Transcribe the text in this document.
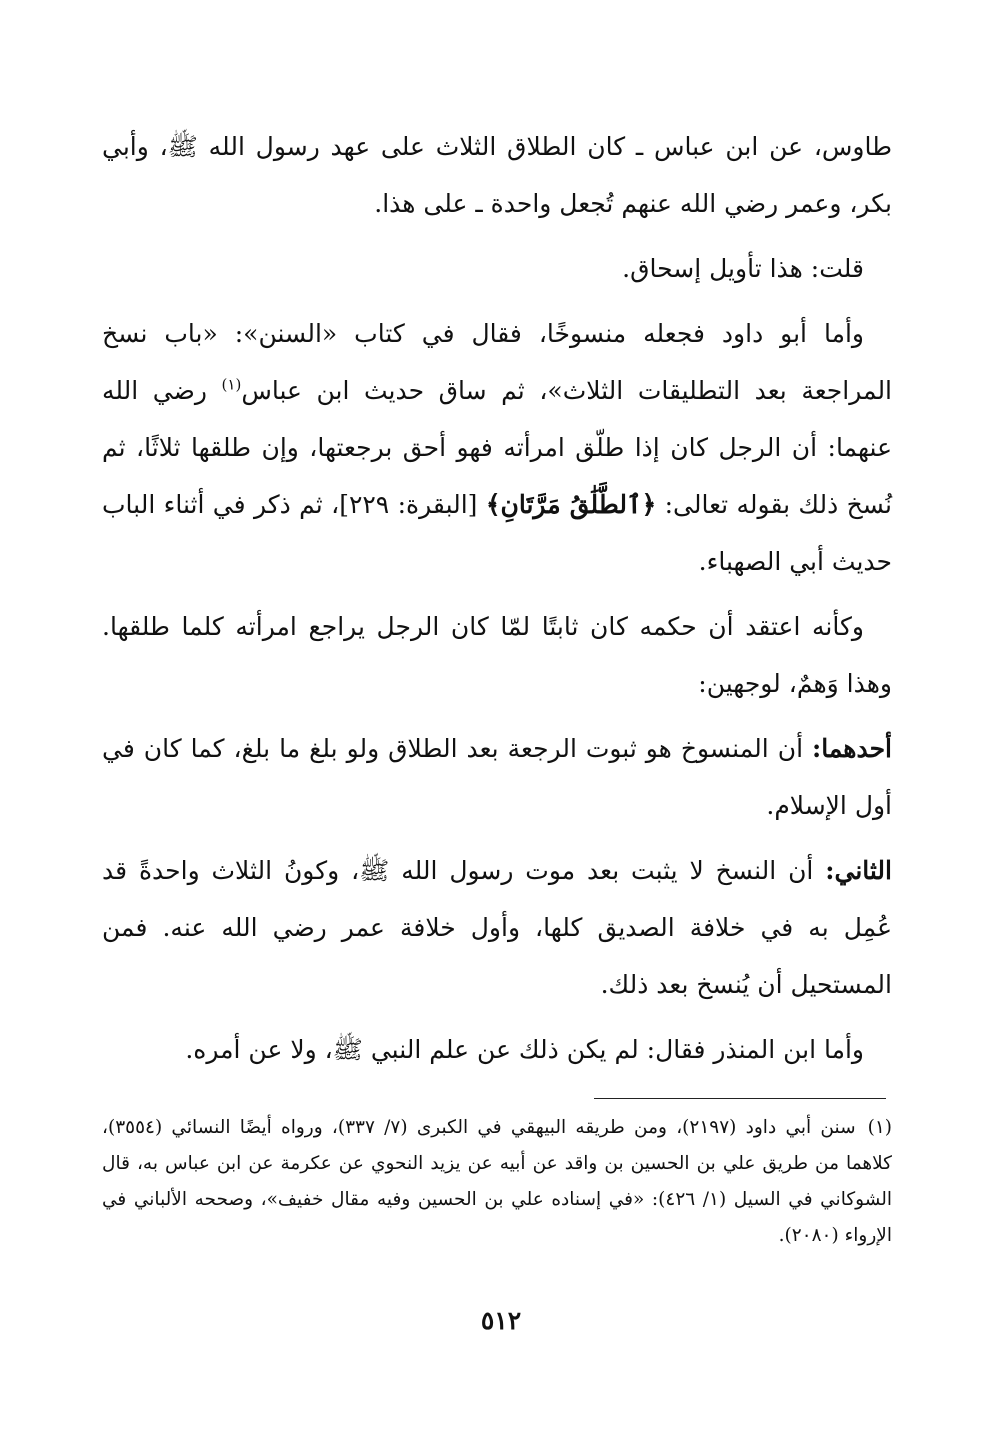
طاوس، عن ابن عباس ـ كان الطلاق الثلاث على عهد رسول الله ﷺ، وأبي بكر، وعمر رضي الله عنهم تُجعل واحدة ـ على هذا.

قلت: هذا تأويل إسحاق.

وأما أبو داود فجعله منسوخًا، فقال في كتاب «السنن»: «باب نسخ المراجعة بعد التطليقات الثلاث»، ثم ساق حديث ابن عباس$^{(١)}$ رضي الله عنهما: أن الرجل كان إذا طلّق امرأته فهو أحق برجعتها، وإن طلقها ثلاثًا، ثم نُسخ ذلك بقوله تعالى: ﴿ٱلطَّلَٰقُ مَرَّتَانِ﴾ [البقرة: ٢٢٩]، ثم ذكر في أثناء الباب حديث أبي الصهباء.

وكأنه اعتقد أن حكمه كان ثابتًا لمّا كان الرجل يراجع امرأته كلما طلقها. وهذا وَهمٌ، لوجهين:

أحدهما: أن المنسوخ هو ثبوت الرجعة بعد الطلاق ولو بلغ ما بلغ، كما كان في أول الإسلام.

الثاني: أن النسخ لا يثبت بعد موت رسول الله ﷺ، وكونُ الثلاث واحدةً قد عُمِل به في خلافة الصديق كلها، وأول خلافة عمر رضي الله عنه. فمن المستحيل أن يُنسخ بعد ذلك.

وأما ابن المنذر فقال: لم يكن ذلك عن علم النبي ﷺ، ولا عن أمره.

(١)سنن أبي داود (٢١٩٧)، ومن طريقه البيهقي في الكبرى (٧/ ٣٣٧)، ورواه أيضًا النسائي (٣٥٥٤)، كلاهما من طريق علي بن الحسين بن واقد عن أبيه عن يزيد النحوي عن عكرمة عن ابن عباس به، قال الشوكاني في السيل (١/ ٤٢٦): «في إسناده علي بن الحسين وفيه مقال خفيف»، وصححه الألباني في الإرواء (٢٠٨٠).
٥١٢
